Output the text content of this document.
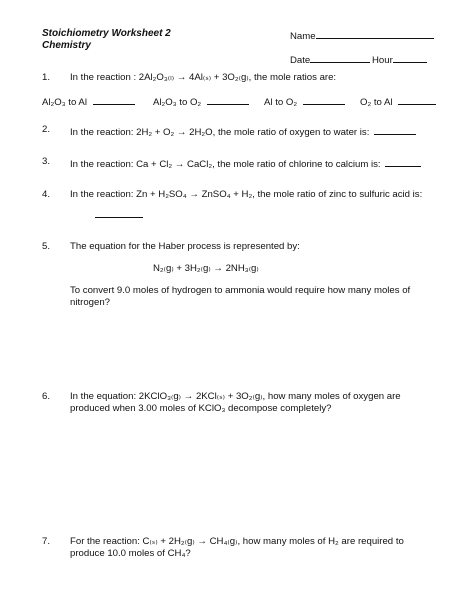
Stoichiometry Worksheet 2
Chemistry
Name
Date	Hour
1. In the reaction : 2Al₂O₃₍ₗ₎ → 4Al₍ₛ₎ + 3O₂₍g₎, the mole ratios are:
Al₂O₃ to Al	Al₂O₃ to O₂	Al to O₂	O₂ to Al
2. In the reaction: 2H₂ + O₂ → 2H₂O, the mole ratio of oxygen to water is:
3. In the reaction: Ca + Cl₂ → CaCl₂, the mole ratio of chlorine to calcium is:
4. In the reaction: Zn + H₂SO₄ → ZnSO₄ + H₂, the mole ratio of zinc to sulfuric acid is:
5. The equation for the Haber process is represented by:
N₂₍g₎ + 3H₂₍g₎ → 2NH₃₍g₎
To convert 9.0 moles of hydrogen to ammonia would require how many moles of nitrogen?
6. In the equation: 2KClO₃₍g₎ → 2KCl₍ₛ₎ + 3O₂₍g₎, how many moles of oxygen are produced when 3.00 moles of KClO₃ decompose completely?
7. For the reaction: C₍ₛ₎ + 2H₂₍g₎ → CH₄₍g₎, how many moles of H₂ are required to produce 10.0 moles of CH₄?
